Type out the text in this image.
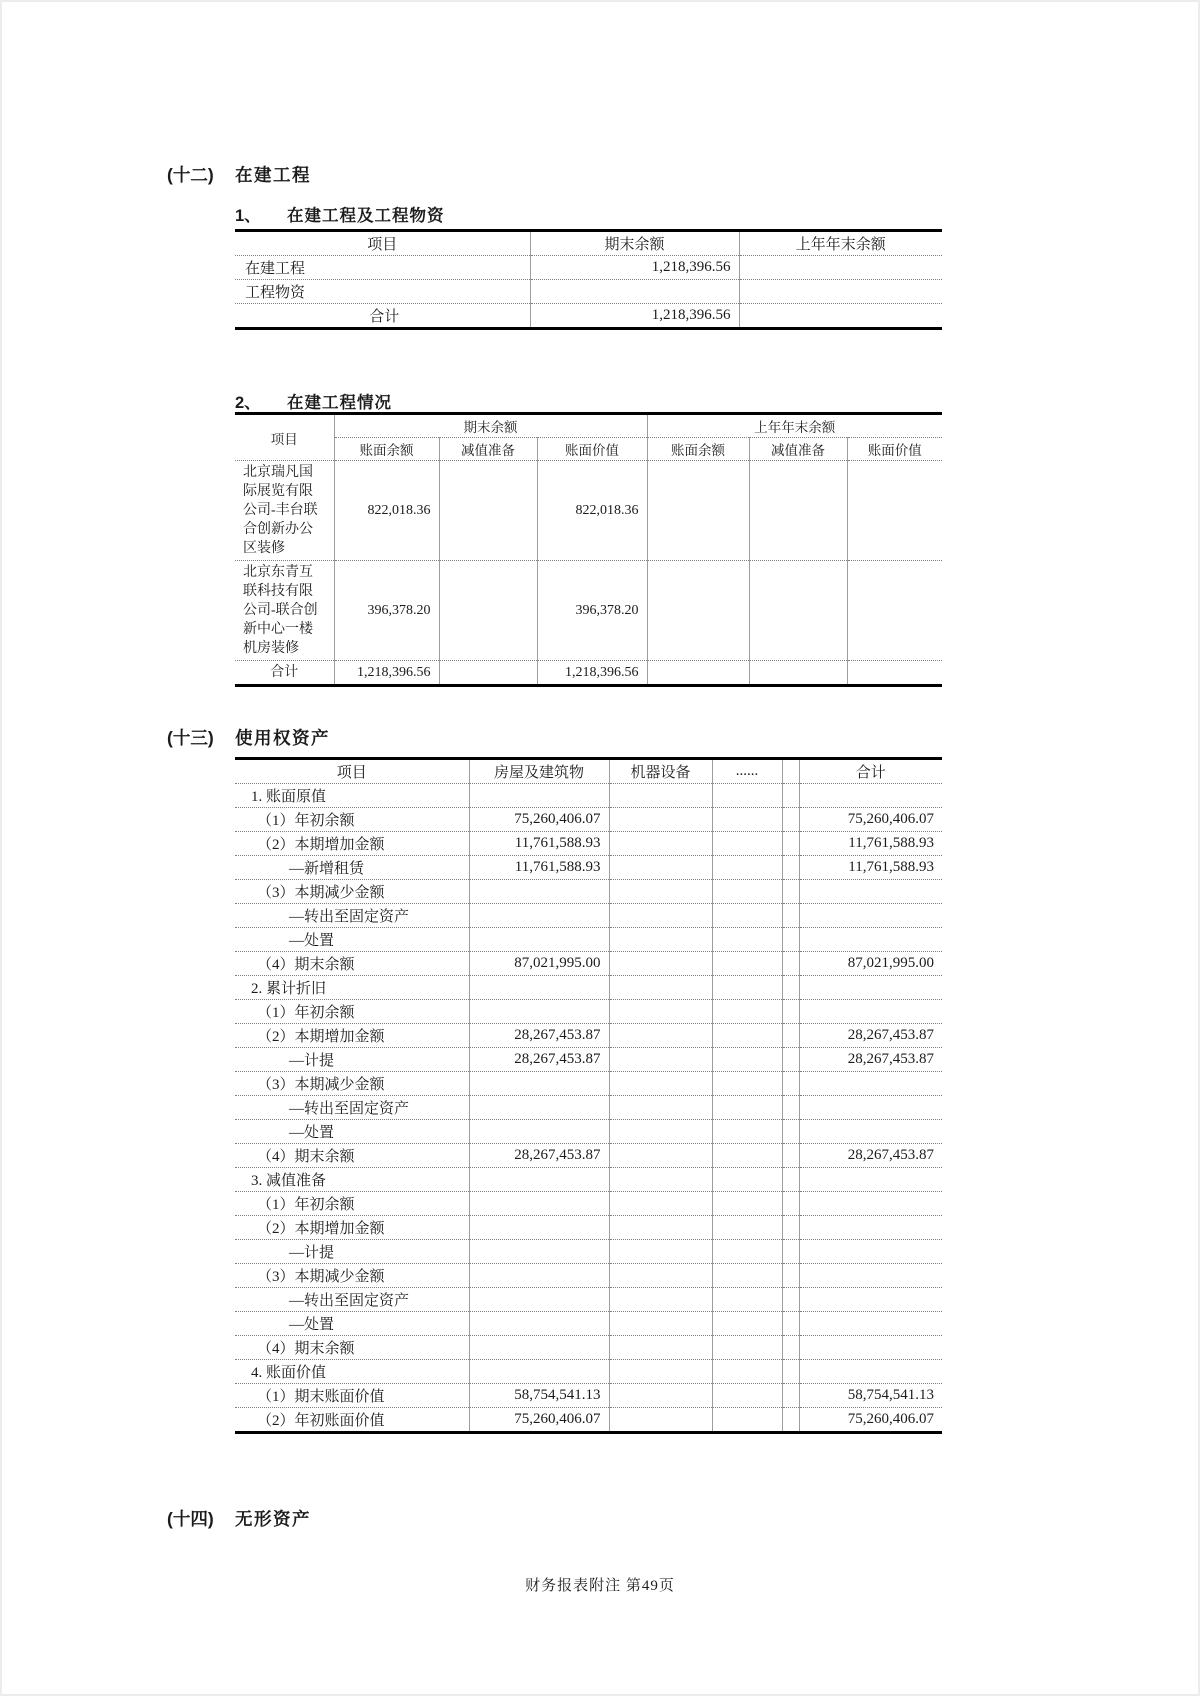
(十二) 在建工程
1、 在建工程及工程物资
项目	期末余额	上年年末余额
在建工程	1,218,396.56	
工程物资		
合计	1,218,396.56	
2、 在建工程情况
项目	期末余额			上年年末余额		
	账面余额	减值准备	账面价值	账面余额	减值准备	账面价值
北京瑞凡国际展览有限公司-丰台联合创新办公区装修	822,018.36		822,018.36			
北京东青互联科技有限公司-联合创新中心一楼机房装修	396,378.20		396,378.20			
合计	1,218,396.56		1,218,396.56			
(十三) 使用权资产
项目	房屋及建筑物	机器设备	......		合计
1. 账面原值					
（1）年初余额	75,260,406.07				75,260,406.07
（2）本期增加金额	11,761,588.93				11,761,588.93
—新增租赁	11,761,588.93				11,761,588.93
（3）本期减少金额					
—转出至固定资产					
—处置					
（4）期末余额	87,021,995.00				87,021,995.00
2. 累计折旧					
（1）年初余额					
（2）本期增加金额	28,267,453.87				28,267,453.87
—计提	28,267,453.87				28,267,453.87
（3）本期减少金额					
—转出至固定资产					
—处置					
（4）期末余额	28,267,453.87				28,267,453.87
3. 减值准备					
（1）年初余额					
（2）本期增加金额					
—计提					
（3）本期减少金额					
—转出至固定资产					
—处置					
（4）期末余额					
4. 账面价值					
（1）期末账面价值	58,754,541.13				58,754,541.13
（2）年初账面价值	75,260,406.07				75,260,406.07
(十四) 无形资产
财务报表附注 第49页
